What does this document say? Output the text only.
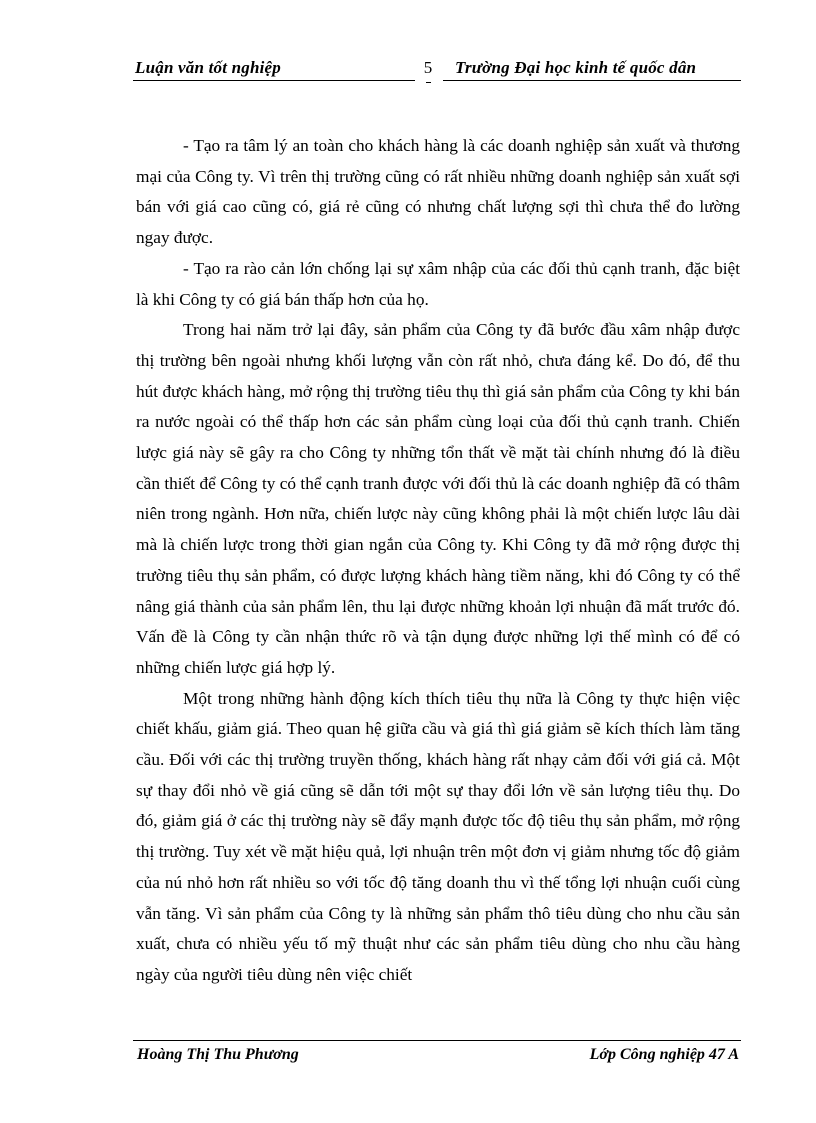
Luận văn tốt nghiệp	5 Trường Đại học kinh tế quốc dân

- Tạo ra tâm lý an toàn cho khách hàng là các doanh nghiệp sản xuất và thương mại của Công ty. Vì trên thị trường cũng có rất nhiều những doanh nghiệp sản xuất sợi bán với giá cao cũng có, giá rẻ cũng có nhưng chất lượng sợi thì chưa thể đo lường ngay được.

- Tạo ra rào cản lớn chống lại sự xâm nhập của các đối thủ cạnh tranh, đặc biệt là khi Công ty có giá bán thấp hơn của họ.

Trong hai năm trở lại đây, sản phẩm của Công ty đã bước đầu xâm nhập được thị trường bên ngoài nhưng khối lượng vẫn còn rất nhỏ, chưa đáng kể. Do đó, để thu hút được khách hàng, mở rộng thị trường tiêu thụ thì giá sản phẩm của Công ty khi bán ra nước ngoài có thể thấp hơn các sản phẩm cùng loại của đối thủ cạnh tranh. Chiến lược giá này sẽ gây ra cho Công ty những tổn thất về mặt tài chính nhưng đó là điều cần thiết để Công ty có thể cạnh tranh được với đối thủ là các doanh nghiệp đã có thâm niên trong ngành. Hơn nữa, chiến lược này cũng không phải là một chiến lược lâu dài mà là chiến lược trong thời gian ngắn của Công ty. Khi Công ty đã mở rộng được thị trường tiêu thụ sản phẩm, có được lượng khách hàng tiềm năng, khi đó Công ty có thể nâng giá thành của sản phẩm lên, thu lại được những khoản lợi nhuận đã mất trước đó. Vấn đề là Công ty cần nhận thức rõ và tận dụng được những lợi thế mình có để có những chiến lược giá hợp lý.

Một trong những hành động kích thích tiêu thụ nữa là Công ty thực hiện việc chiết khấu, giảm giá. Theo quan hệ giữa cầu và giá thì giá giảm sẽ kích thích làm tăng cầu. Đối với các thị trường truyền thống, khách hàng rất nhạy cảm đối với giá cả. Một sự thay đổi nhỏ về giá cũng sẽ dẫn tới một sự thay đổi lớn về sản lượng tiêu thụ. Do đó, giảm giá ở các thị trường này sẽ đẩy mạnh được tốc độ tiêu thụ sản phẩm, mở rộng thị trường. Tuy xét về mặt hiệu quả, lợi nhuận trên một đơn vị giảm nhưng tốc độ giảm của nú nhỏ hơn rất nhiều so với tốc độ tăng doanh thu vì thế tổng lợi nhuận cuối cùng vẫn tăng. Vì sản phẩm của Công ty là những sản phẩm thô tiêu dùng cho nhu cầu sản xuất, chưa có nhiều yếu tố mỹ thuật như các sản phẩm tiêu dùng cho nhu cầu hàng ngày của người tiêu dùng nên việc chiết

Hoàng Thị Thu Phương	Lớp Công nghiệp 47 A
